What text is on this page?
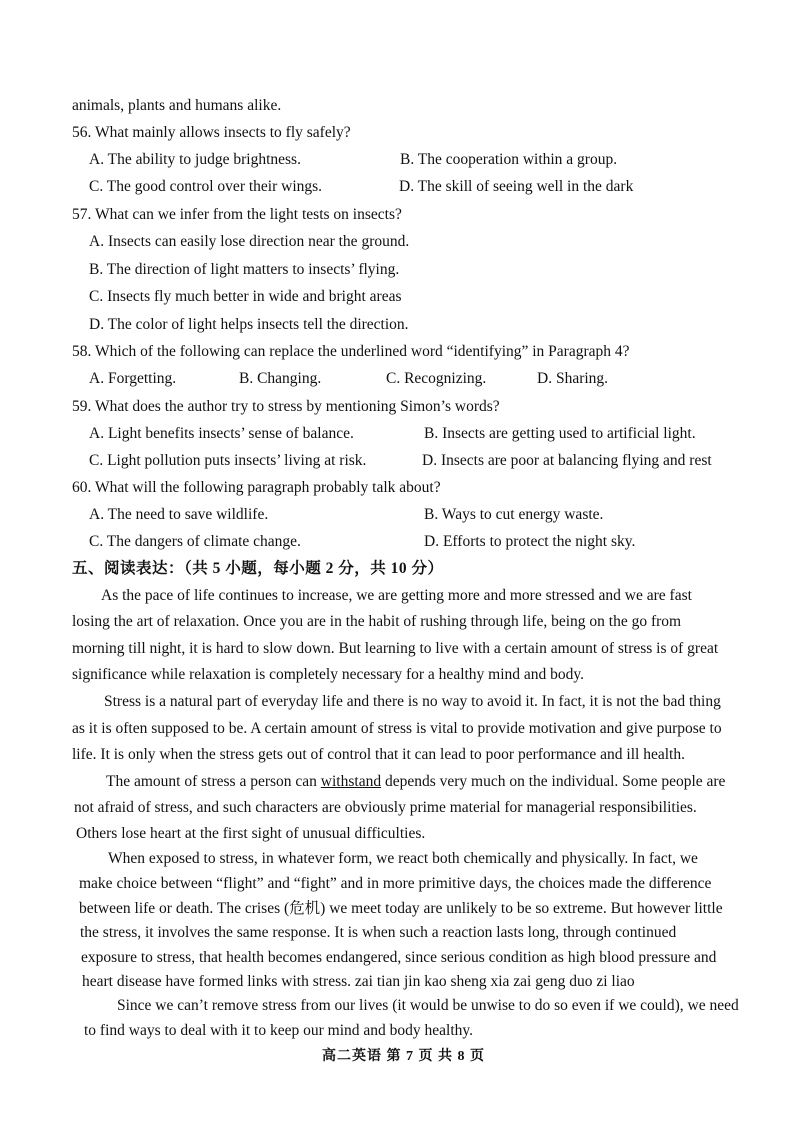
animals, plants and humans alike.
56. What mainly allows insects to fly safely?
A. The ability to judge brightness.	B. The cooperation within a group.
C. The good control over their wings.	D. The skill of seeing well in the dark
57. What can we infer from the light tests on insects?
A. Insects can easily lose direction near the ground.
B. The direction of light matters to insects’ flying.
C. Insects fly much better in wide and bright areas
D. The color of light helps insects tell the direction.
58. Which of the following can replace the underlined word “identifying” in Paragraph 4?
A. Forgetting.	B. Changing.	C. Recognizing.	D. Sharing.
59. What does the author try to stress by mentioning Simon’s words?
A. Light benefits insects’ sense of balance.	B. Insects are getting used to artificial light.
C. Light pollution puts insects’ living at risk.	D. Insects are poor at balancing flying and rest
60. What will the following paragraph probably talk about?
A. The need to save wildlife.	B. Ways to cut energy waste.
C. The dangers of climate change.	D. Efforts to protect the night sky.
五、阅读表达：（共 5 小题，每小题 2 分，共 10 分）
As the pace of life continues to increase, we are getting more and more stressed and we are fast
losing the art of relaxation. Once you are in the habit of rushing through life, being on the go from
morning till night, it is hard to slow down. But learning to live with a certain amount of stress is of great
significance while relaxation is completely necessary for a healthy mind and body.
Stress is a natural part of everyday life and there is no way to avoid it. In fact, it is not the bad thing
as it is often supposed to be. A certain amount of stress is vital to provide motivation and give purpose to
life. It is only when the stress gets out of control that it can lead to poor performance and ill health.
The amount of stress a person can withstand depends very much on the individual. Some people are
not afraid of stress, and such characters are obviously prime material for managerial responsibilities.
Others lose heart at the first sight of unusual difficulties.
When exposed to stress, in whatever form, we react both chemically and physically. In fact, we
make choice between “flight” and “fight” and in more primitive days, the choices made the difference
between life or death. The crises (危机) we meet today are unlikely to be so extreme. But however little
the stress, it involves the same response. It is when such a reaction lasts long, through continued
exposure to stress, that health becomes endangered, since serious condition as high blood pressure and
heart disease have formed links with stress. zai tian jin kao sheng xia zai geng duo zi liao
Since we can’t remove stress from our lives (it would be unwise to do so even if we could), we need
to find ways to deal with it to keep our mind and body healthy.
高二英语 第 7 页 共 8 页
